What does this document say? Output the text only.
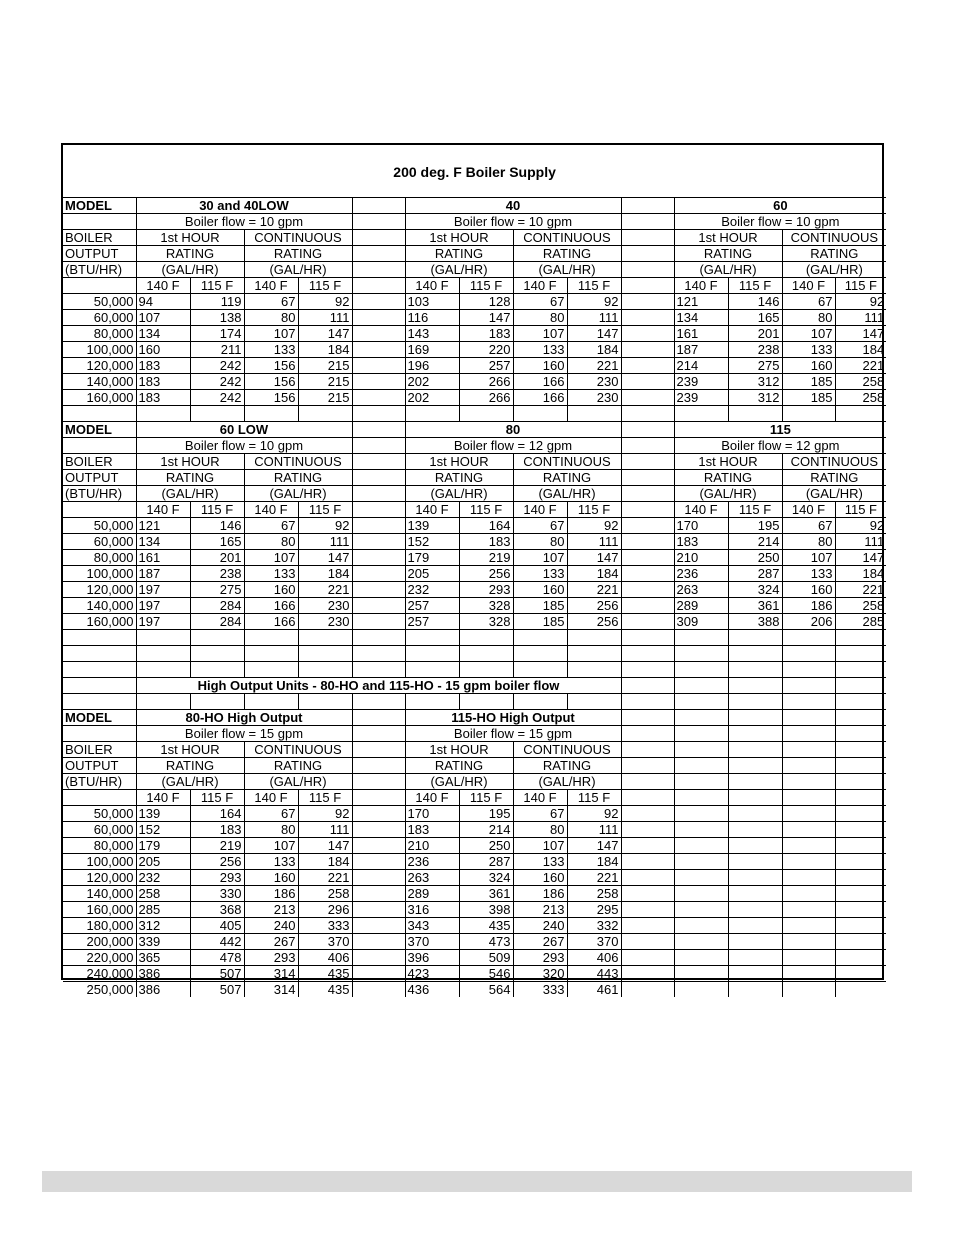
200 deg. F Boiler Supply														
MODEL	30 and 40LOW					40					60			
	Boiler flow = 10 gpm					Boiler flow = 10 gpm					Boiler flow = 10 gpm			
BOILER	1st HOUR		CONTINUOUS			1st HOUR		CONTINUOUS			1st HOUR		CONTINUOUS	
OUTPUT	RATING		RATING			RATING		RATING			RATING		RATING	
(BTU/HR)	(GAL/HR)		(GAL/HR)			(GAL/HR)		(GAL/HR)			(GAL/HR)		(GAL/HR)	
	140 F	115 F	140 F	115 F		140 F	115 F	140 F	115 F		140 F	115 F	140 F	115 F
50,000	94	119	67	92		103	128	67	92		121	146	67	92
60,000	107	138	80	111		116	147	80	111		134	165	80	111
80,000	134	174	107	147		143	183	107	147		161	201	107	147
100,000	160	211	133	184		169	220	133	184		187	238	133	184
120,000	183	242	156	215		196	257	160	221		214	275	160	221
140,000	183	242	156	215		202	266	166	230		239	312	185	258
160,000	183	242	156	215		202	266	166	230		239	312	185	258

MODEL	60 LOW					80					115			
	Boiler flow = 10 gpm					Boiler flow = 12 gpm					Boiler flow = 12 gpm			
BOILER	1st HOUR		CONTINUOUS			1st HOUR		CONTINUOUS			1st HOUR		CONTINUOUS	
OUTPUT	RATING		RATING			RATING		RATING			RATING		RATING	
(BTU/HR)	(GAL/HR)		(GAL/HR)			(GAL/HR)		(GAL/HR)			(GAL/HR)		(GAL/HR)	
	140 F	115 F	140 F	115 F		140 F	115 F	140 F	115 F		140 F	115 F	140 F	115 F
50,000	121	146	67	92		139	164	67	92		170	195	67	92
60,000	134	165	80	111		152	183	80	111		183	214	80	111
80,000	161	201	107	147		179	219	107	147		210	250	107	147
100,000	187	238	133	184		205	256	133	184		236	287	133	184
120,000	197	275	160	221		232	293	160	221		263	324	160	221
140,000	197	284	166	230		257	328	185	256		289	361	186	258
160,000	197	284	166	230		257	328	185	256		309	388	206	285

	High Output Units - 80-HO and 115-HO - 15 gpm boiler flow													

MODEL	80-HO High Output					115-HO High Output								
	Boiler flow = 15 gpm					Boiler flow = 15 gpm								
BOILER	1st HOUR		CONTINUOUS			1st HOUR		CONTINUOUS						
OUTPUT	RATING		RATING			RATING		RATING						
(BTU/HR)	(GAL/HR)		(GAL/HR)			(GAL/HR)		(GAL/HR)						
	140 F	115 F	140 F	115 F		140 F	115 F	140 F	115 F					
50,000	139	164	67	92		170	195	67	92					
60,000	152	183	80	111		183	214	80	111					
80,000	179	219	107	147		210	250	107	147					
100,000	205	256	133	184		236	287	133	184					
120,000	232	293	160	221		263	324	160	221					
140,000	258	330	186	258		289	361	186	258					
160,000	285	368	213	296		316	398	213	295					
180,000	312	405	240	333		343	435	240	332					
200,000	339	442	267	370		370	473	267	370					
220,000	365	478	293	406		396	509	293	406					
240,000	386	507	314	435		423	546	320	443					
250,000	386	507	314	435		436	564	333	461					
